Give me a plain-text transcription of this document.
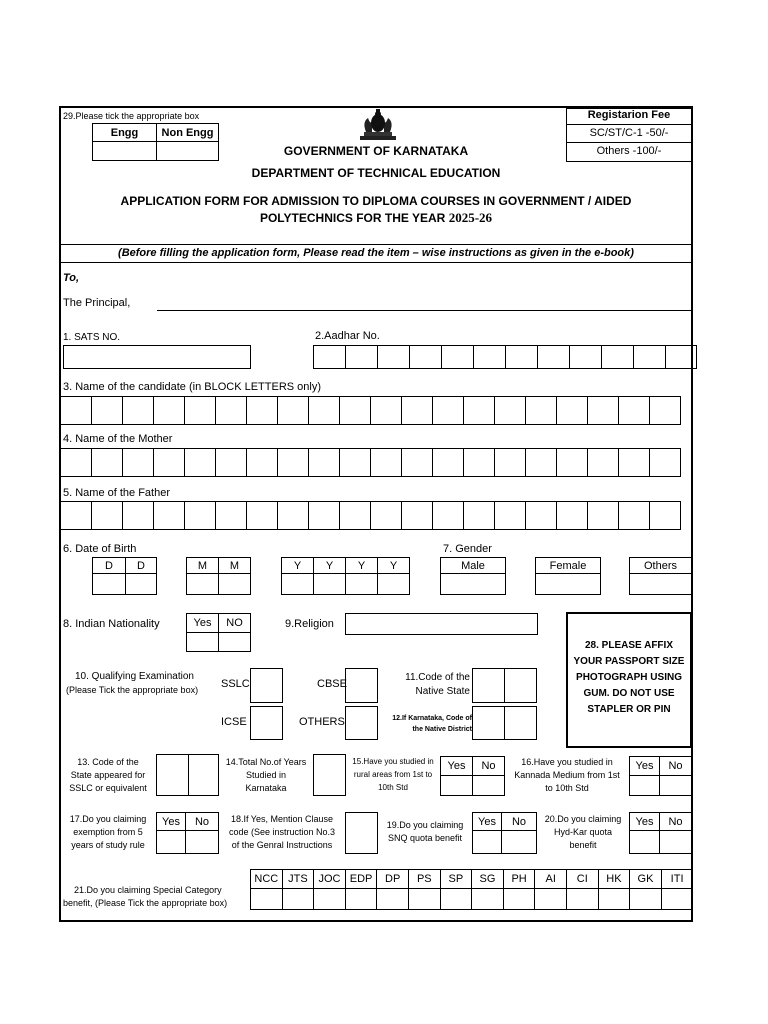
29.Please tick the appropriate box
Engg	Non Engg
Registarion Fee
SC/ST/C-1 -50/-
Others -100/-
GOVERNMENT OF KARNATAKA
DEPARTMENT OF TECHNICAL EDUCATION
APPLICATION FORM FOR ADMISSION TO DIPLOMA COURSES IN GOVERNMENT / AIDED
POLYTECHNICS FOR THE YEAR 2025-26
(Before filling the application form, Please read the item – wise instructions as given in the e-book)
To,
The Principal,
1. SATS NO.	2.Aadhar No.
3. Name of the candidate (in BLOCK LETTERS only)
4. Name of the Mother
5. Name of the Father
6. Date of Birth
D	D	M	M	Y	Y	Y	Y
7. Gender
Male	Female	Others
8. Indian Nationality	Yes	NO	9.Religion
28. PLEASE AFFIX YOUR PASSPORT SIZE PHOTOGRAPH USING GUM. DO NOT USE STAPLER OR PIN
10. Qualifying Examination
(Please Tick the appropriate box) SSLC	CBSE
ICSE	OTHERS
11.Code of the
Native State
12.If Karnataka, Code of
the Native District
13. Code of the
State appeared for
SSLC or equivalent
14.Total No.of Years
Studied in
Karnataka
15.Have you studied in
rural areas from 1st to
10th Std
Yes	No	16.Have you studied in
Kannada Medium from 1st
to 10th Std
Yes	No
17.Do you claiming
exemption from 5
years of study rule
Yes	No	18.If Yes, Mention Clause
code (See instruction No.3
of the Genral Instructions
19.Do you claiming
SNQ quota benefit
Yes	No	20.Do you claiming
Hyd-Kar quota
benefit
Yes	No
21.Do you claiming Special Category
benefit, (Please Tick the appropriate box)
NCC JTS JOC EDP	DP	PS	SP	SG	PH	AI	CI	HK	GK	ITI
